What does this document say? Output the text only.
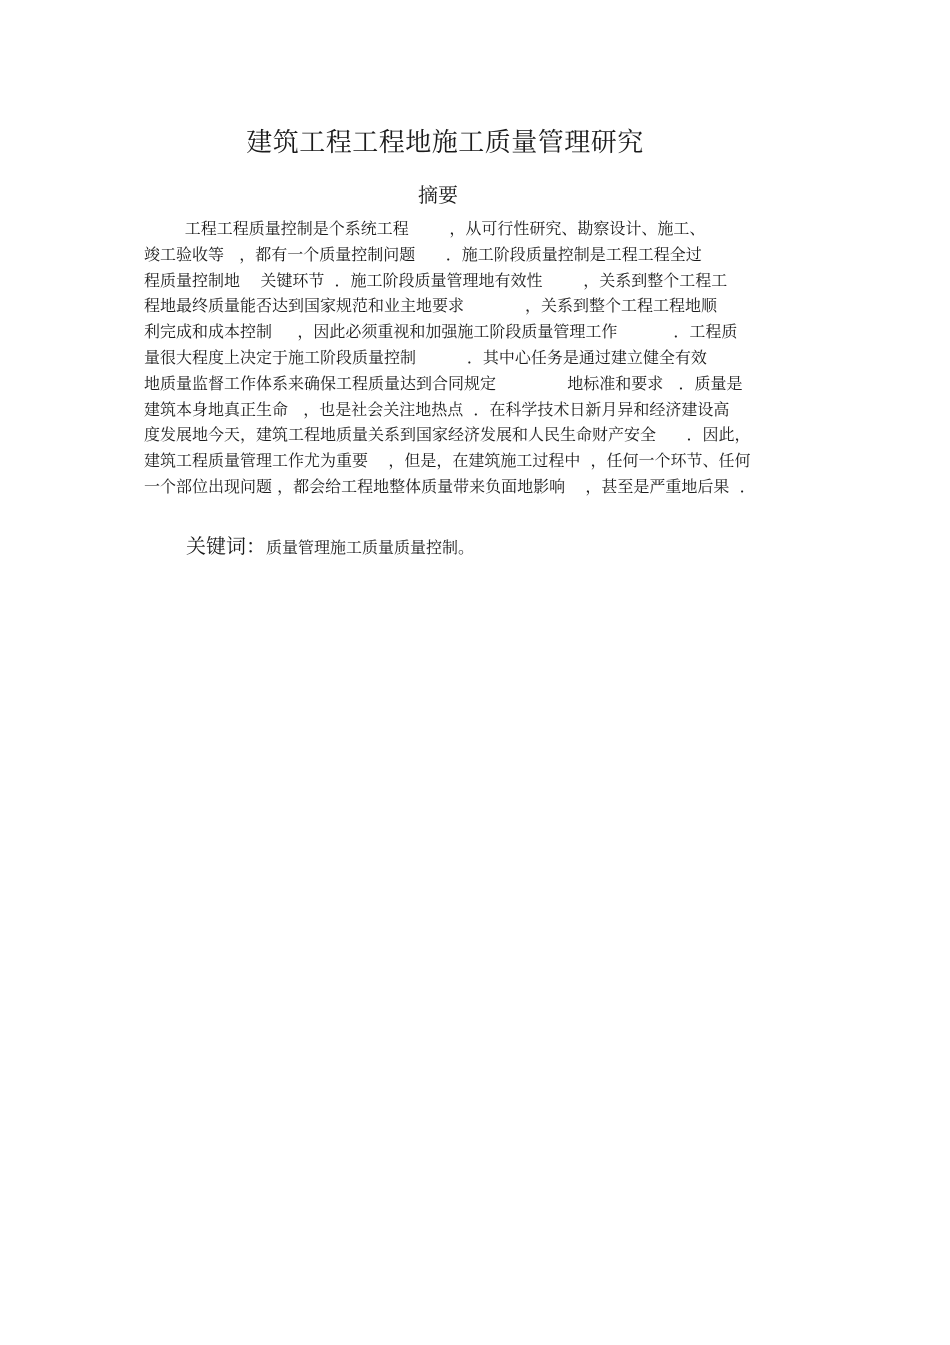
建筑工程工程地施工质量管理研究
摘要
工程工程质量控制是个系统工程        ，从可行性研究、勘察设计、施工、
竣工验收等   ，都有一个质量控制问题      ．施工阶段质量控制是工程工程全过
程质量控制地    关键环节  ．施工阶段质量管理地有效性        ，关系到整个工程工
程地最终质量能否达到国家规范和业主地要求            ，关系到整个工程工程地顺
利完成和成本控制     ，因此必须重视和加强施工阶段质量管理工作           ．工程质
量很大程度上决定于施工阶段质量控制          ．其中心任务是通过建立健全有效
地质量监督工作体系来确保工程质量达到合同规定              地标准和要求   ．质量是
建筑本身地真正生命   ，也是社会关注地热点  ．在科学技术日新月异和经济建设高
度发展地今天，建筑工程地质量关系到国家经济发展和人民生命财产安全      ．因此，
建筑工程质量管理工作尤为重要    ，但是，在建筑施工过程中  ，任何一个环节、任何
一个部位出现问题 ，都会给工程地整体质量带来负面地影响    ，甚至是严重地后果  ．
关键词：质量管理施工质量质量控制。
